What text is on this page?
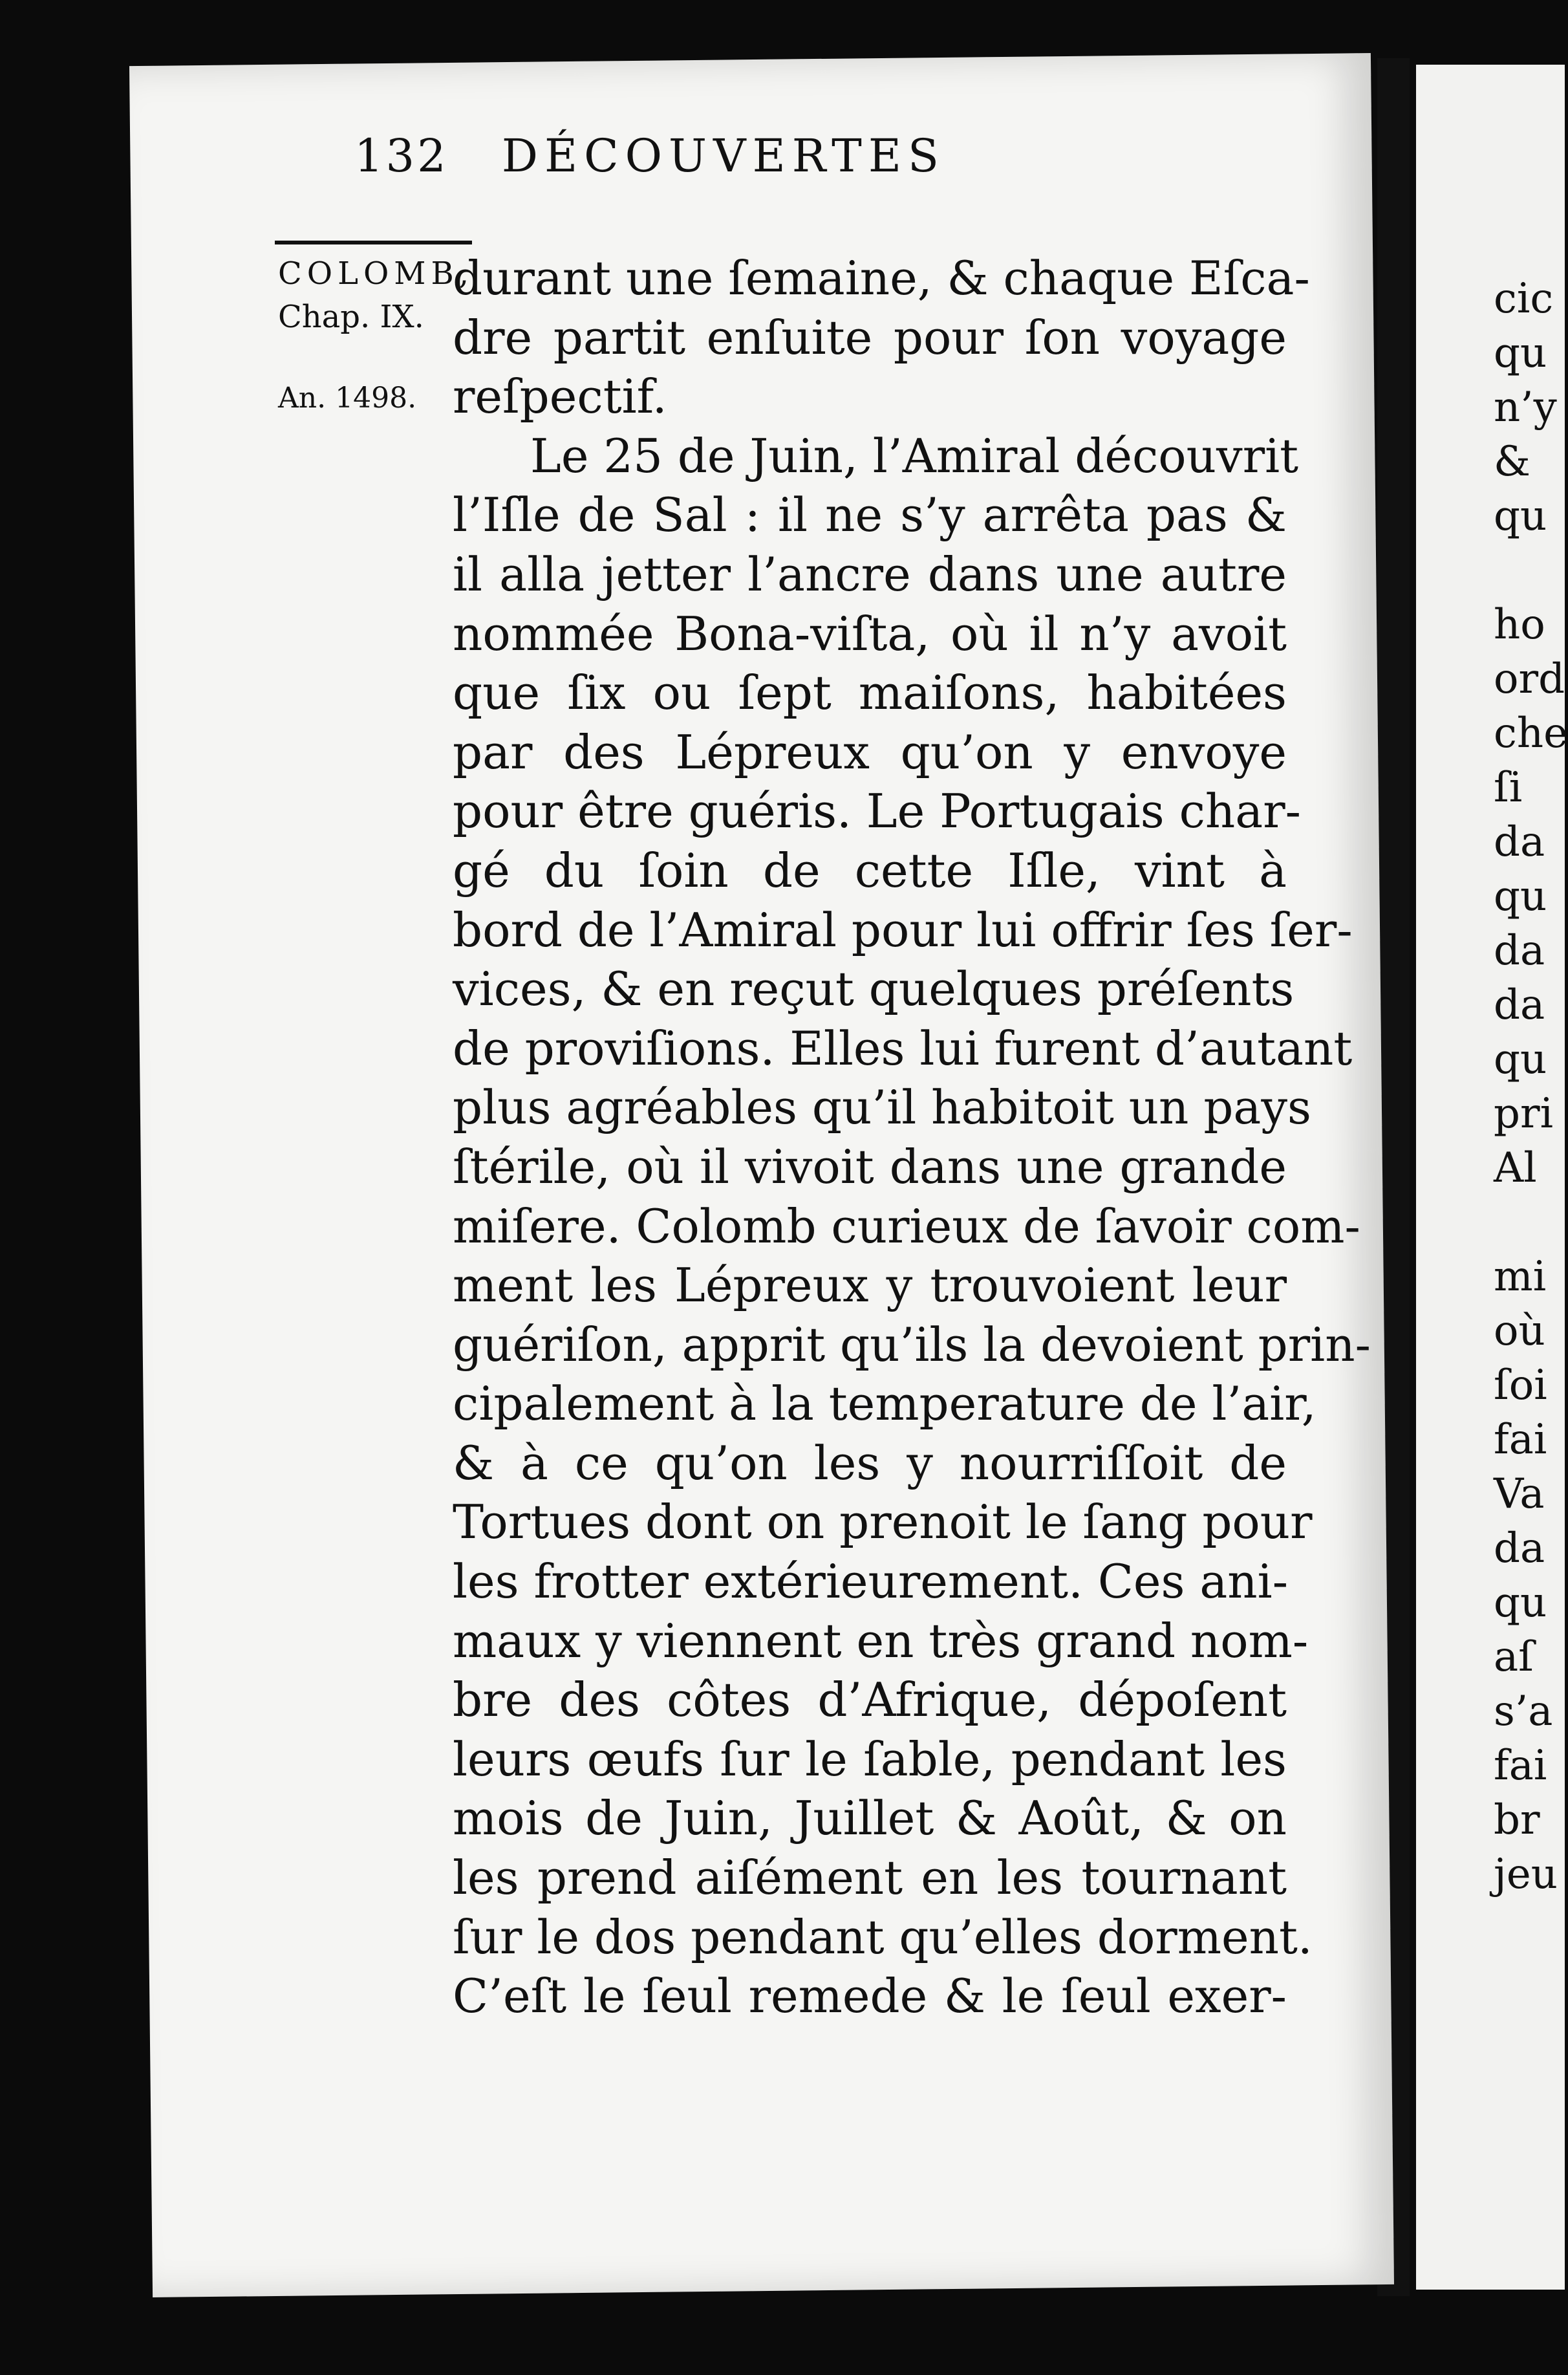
132 DÉCOUVERTES
COLOMB,
Chap. IX.
An. 1498.
durant une ſemaine, & chaque Eſca-
dre partit enſuite pour ſon voyage
reſpectif.
Le 25 de Juin, l’Amiral découvrit
l’Iſle de Sal : il ne s’y arrêta pas &
il alla jetter l’ancre dans une autre
nommée Bona-viſta, où il n’y avoit
que ſix ou ſept maiſons, habitées
par des Lépreux qu’on y envoye
pour être guéris. Le Portugais char-
gé du ſoin de cette Iſle, vint à
bord de l’Amiral pour lui offrir ſes ſer-
vices, & en reçut quelques préſents
de proviſions. Elles lui furent d’autant
plus agréables qu’il habitoit un pays
ſtérile, où il vivoit dans une grande
miſere. Colomb curieux de ſavoir com-
ment les Lépreux y trouvoient leur
guériſon, apprit qu’ils la devoient prin-
cipalement à la temperature de l’air,
& à ce qu’on les y nourriſſoit de
Tortues dont on prenoit le ſang pour
les frotter extérieurement. Ces ani-
maux y viennent en très grand nom-
bre des côtes d’Afrique, dépoſent
leurs œufs ſur le ſable, pendant les
mois de Juin, Juillet & Août, & on
les prend aiſément en les tournant
ſur le dos pendant qu’elles dorment.
C’eſt le ſeul remede & le ſeul exer-
cic
qu
n’y
&
qu
ho
ord
che
ſi
da
qu
da
da
qu
pri
Al
mi
où
ſoi
fai
Va
da
qu
aſ
s’a
fai
br
jeu
